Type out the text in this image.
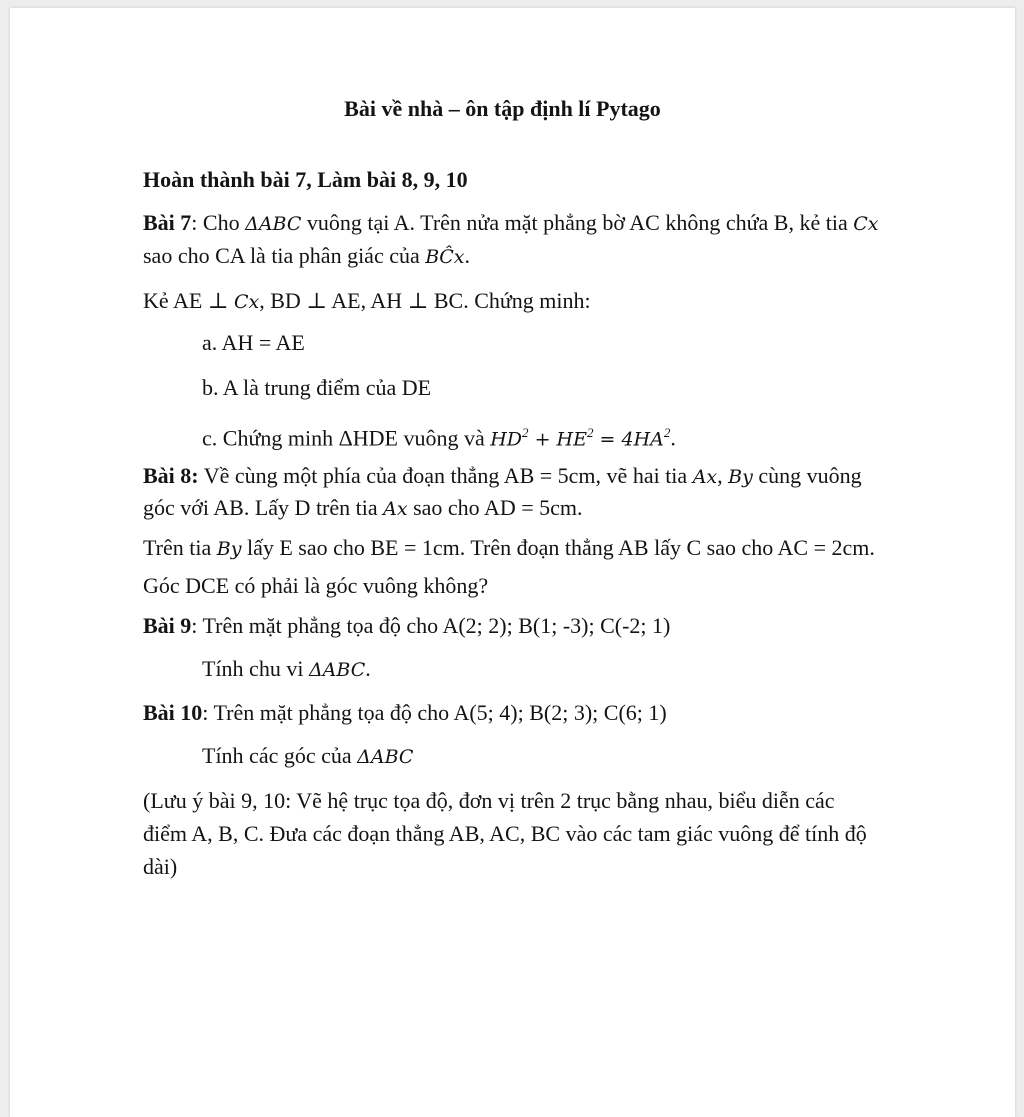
Bài về nhà – ôn tập định lí Pytago
Hoàn thành bài 7, Làm bài 8, 9, 10
Bài 7: Cho ΔABC vuông tại A. Trên nửa mặt phẳng bờ AC không chứa B, kẻ tia Cx
sao cho CA là tia phân giác của BĈx.
Kẻ AE ⊥ Cx, BD ⊥ AE, AH ⊥ BC. Chứng minh:
a. AH = AE
b. A là trung điểm của DE
c. Chứng minh ΔHDE vuông và $HD^2 + HE^2 = 4HA^2$.
Bài 8: Về cùng một phía của đoạn thẳng AB = 5cm, vẽ hai tia Ax, By cùng vuông
góc với AB. Lấy D trên tia Ax sao cho AD = 5cm.
Trên tia By lấy E sao cho BE = 1cm. Trên đoạn thẳng AB lấy C sao cho AC = 2cm.
Góc DCE có phải là góc vuông không?
Bài 9: Trên mặt phẳng tọa độ cho A(2; 2); B(1; -3); C(-2; 1)
Tính chu vi ΔABC.
Bài 10: Trên mặt phẳng tọa độ cho A(5; 4); B(2; 3); C(6; 1)
Tính các góc của ΔABC
(Lưu ý bài 9, 10: Vẽ hệ trục tọa độ, đơn vị trên 2 trục bằng nhau, biểu diễn các
điểm A, B, C. Đưa các đoạn thẳng AB, AC, BC vào các tam giác vuông để tính độ
dài)
